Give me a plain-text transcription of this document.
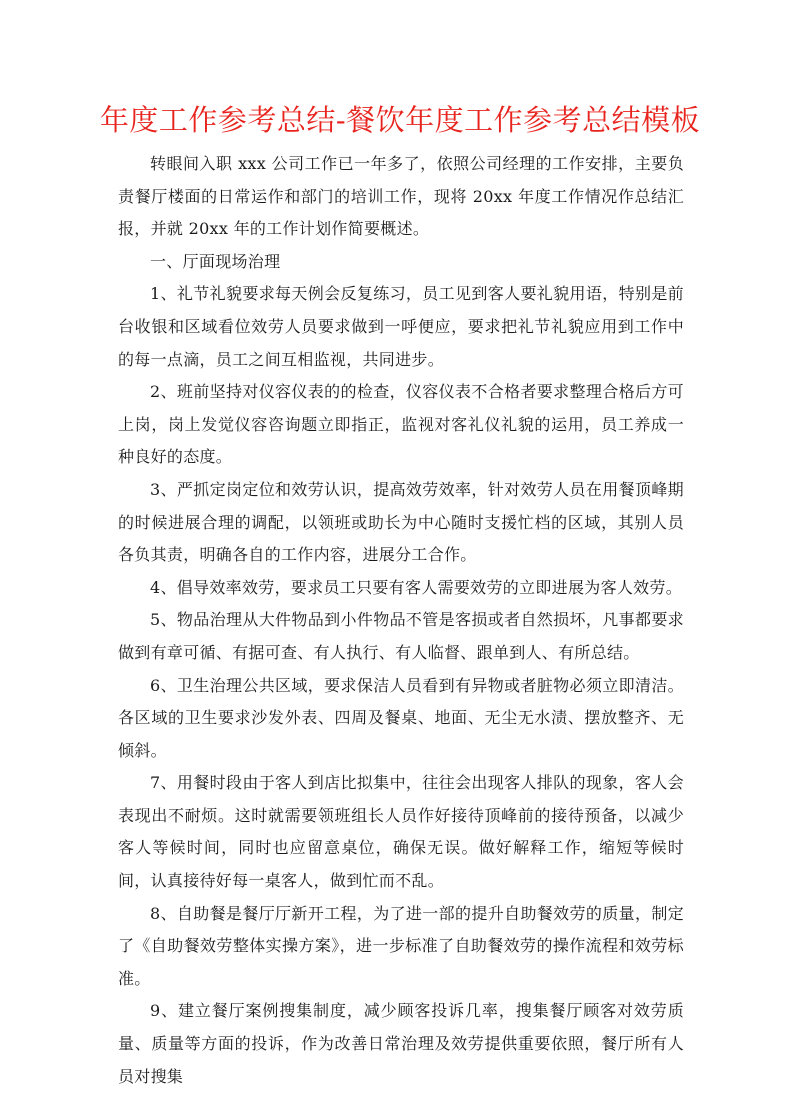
年度工作参考总结-餐饮年度工作参考总结模板

转眼间入职 xxx 公司工作已一年多了，依照公司经理的工作安排，主要负责餐厅楼面的日常运作和部门的培训工作，现将 20xx 年度工作情况作总结汇报，并就 20xx 年的工作计划作简要概述。

一、厅面现场治理

1、礼节礼貌要求每天例会反复练习，员工见到客人要礼貌用语，特别是前台收银和区域看位效劳人员要求做到一呼便应，要求把礼节礼貌应用到工作中的每一点滴，员工之间互相监视，共同进步。

2、班前坚持对仪容仪表的的检查，仪容仪表不合格者要求整理合格后方可上岗，岗上发觉仪容咨询题立即指正，监视对客礼仪礼貌的运用，员工养成一种良好的态度。

3、严抓定岗定位和效劳认识，提高效劳效率，针对效劳人员在用餐顶峰期的时候进展合理的调配，以领班或助长为中心随时支援忙档的区域，其别人员各负其责，明确各自的工作内容，进展分工合作。

4、倡导效率效劳，要求员工只要有客人需要效劳的立即进展为客人效劳。

5、物品治理从大件物品到小件物品不管是客损或者自然损坏，凡事都要求做到有章可循、有据可查、有人执行、有人临督、跟单到人、有所总结。

6、卫生治理公共区域，要求保洁人员看到有异物或者脏物必须立即清洁。各区域的卫生要求沙发外表、四周及餐桌、地面、无尘无水渍、摆放整齐、无倾斜。

7、用餐时段由于客人到店比拟集中，往往会出现客人排队的现象，客人会表现出不耐烦。这时就需要领班组长人员作好接待顶峰前的接待预备，以减少客人等候时间，同时也应留意桌位，确保无误。做好解释工作，缩短等候时间，认真接待好每一桌客人，做到忙而不乱。

8、自助餐是餐厅厅新开工程，为了进一部的提升自助餐效劳的质量，制定了《自助餐效劳整体实操方案》，进一步标准了自助餐效劳的操作流程和效劳标准。

9、建立餐厅案例搜集制度，减少顾客投诉几率，搜集餐厅顾客对效劳质量、质量等方面的投诉，作为改善日常治理及效劳提供重要依照，餐厅所有人员对搜集
